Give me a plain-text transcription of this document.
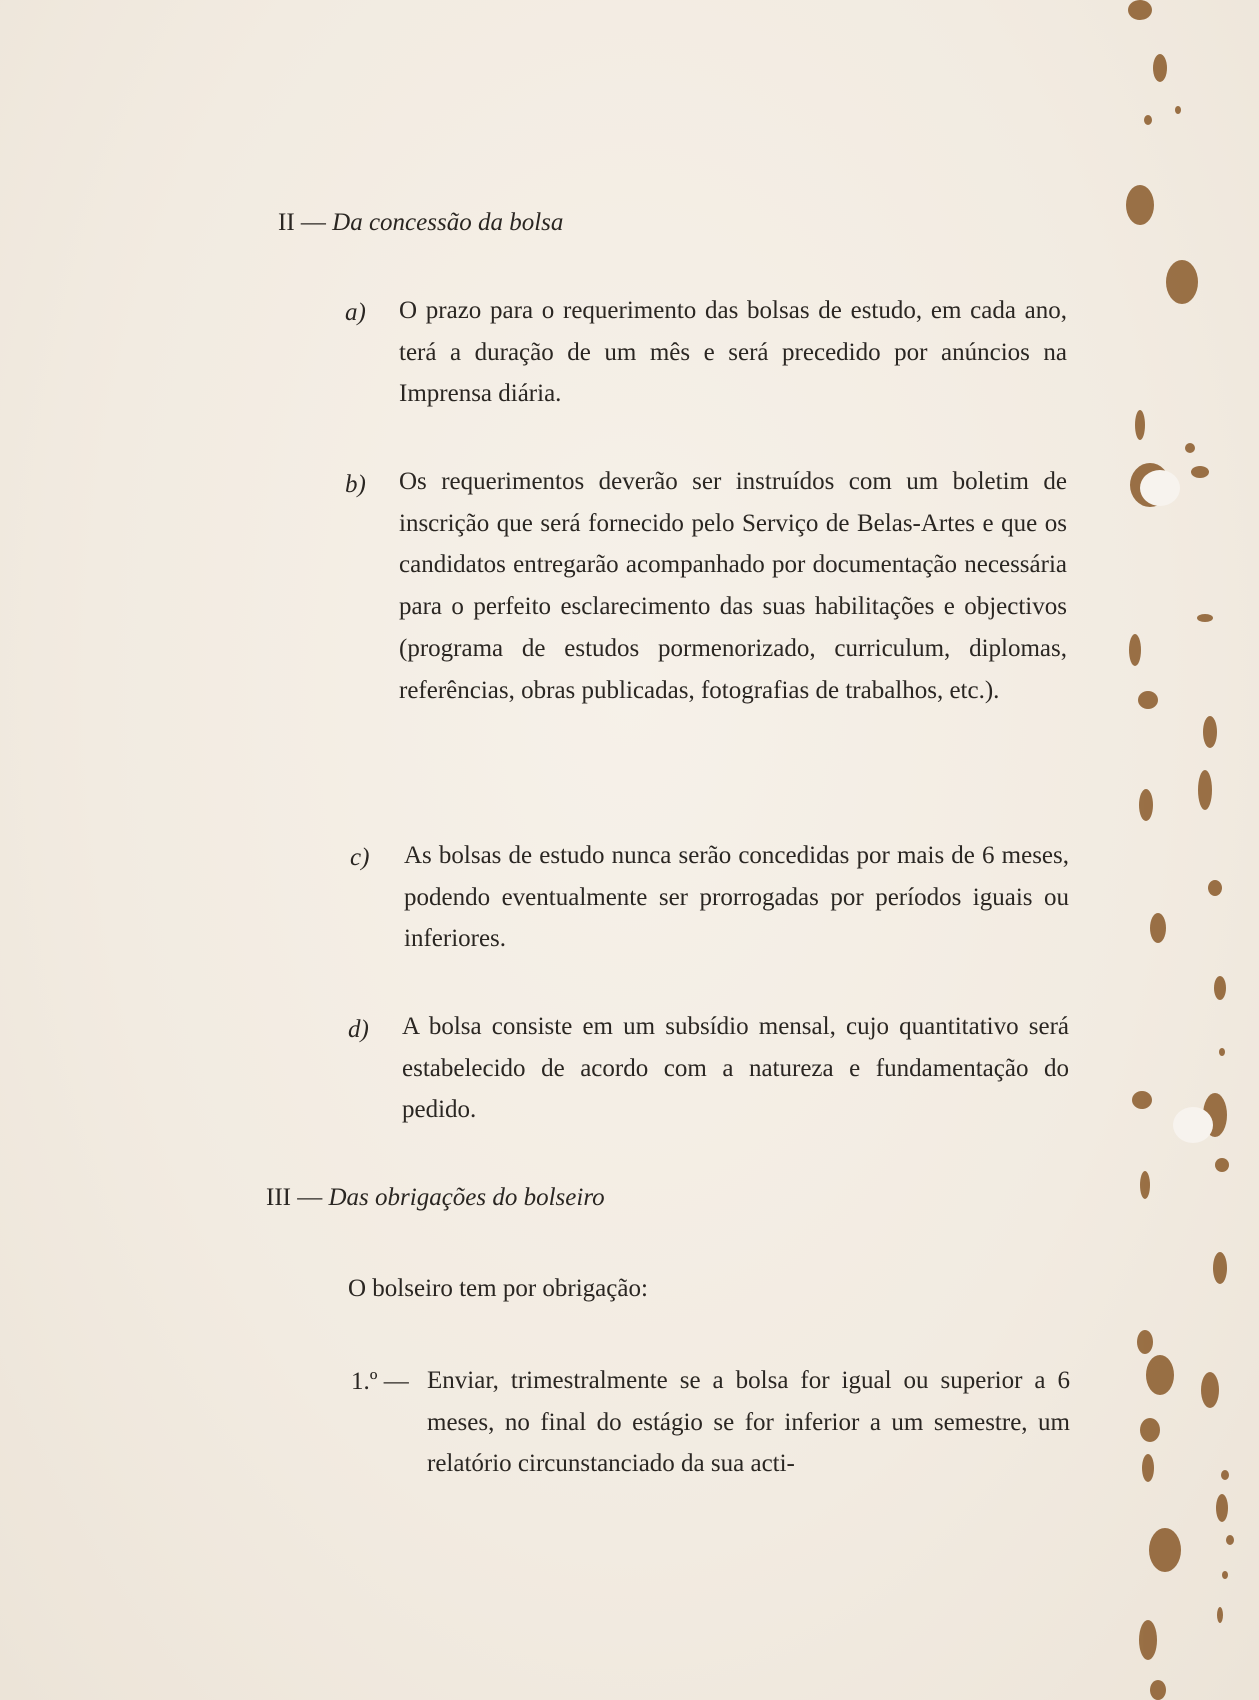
II — Da concessão da bolsa
a) O prazo para o requerimento das bolsas de estudo, em cada ano, terá a duração de um mês e será precedido por anúncios na Imprensa diária.
b) Os requerimentos deverão ser instruídos com um boletim de inscrição que será fornecido pelo Serviço de Belas-Artes e que os candidatos entregarão acompanhado por documentação necessária para o perfeito esclarecimento das suas habilitações e objectivos (programa de estudos pormenorizado, curriculum, diplomas, referências, obras publicadas, fotografias de trabalhos, etc.).
c) As bolsas de estudo nunca serão concedidas por mais de 6 meses, podendo eventualmente ser prorrogadas por períodos iguais ou inferiores.
d) A bolsa consiste em um subsídio mensal, cujo quantitativo será estabelecido de acordo com a natureza e fundamentação do pedido.
III — Das obrigações do bolseiro
O bolseiro tem por obrigação:
1.º — Enviar, trimestralmente se a bolsa for igual ou superior a 6 meses, no final do estágio se for inferior a um semestre, um relatório circunstanciado da sua acti-
